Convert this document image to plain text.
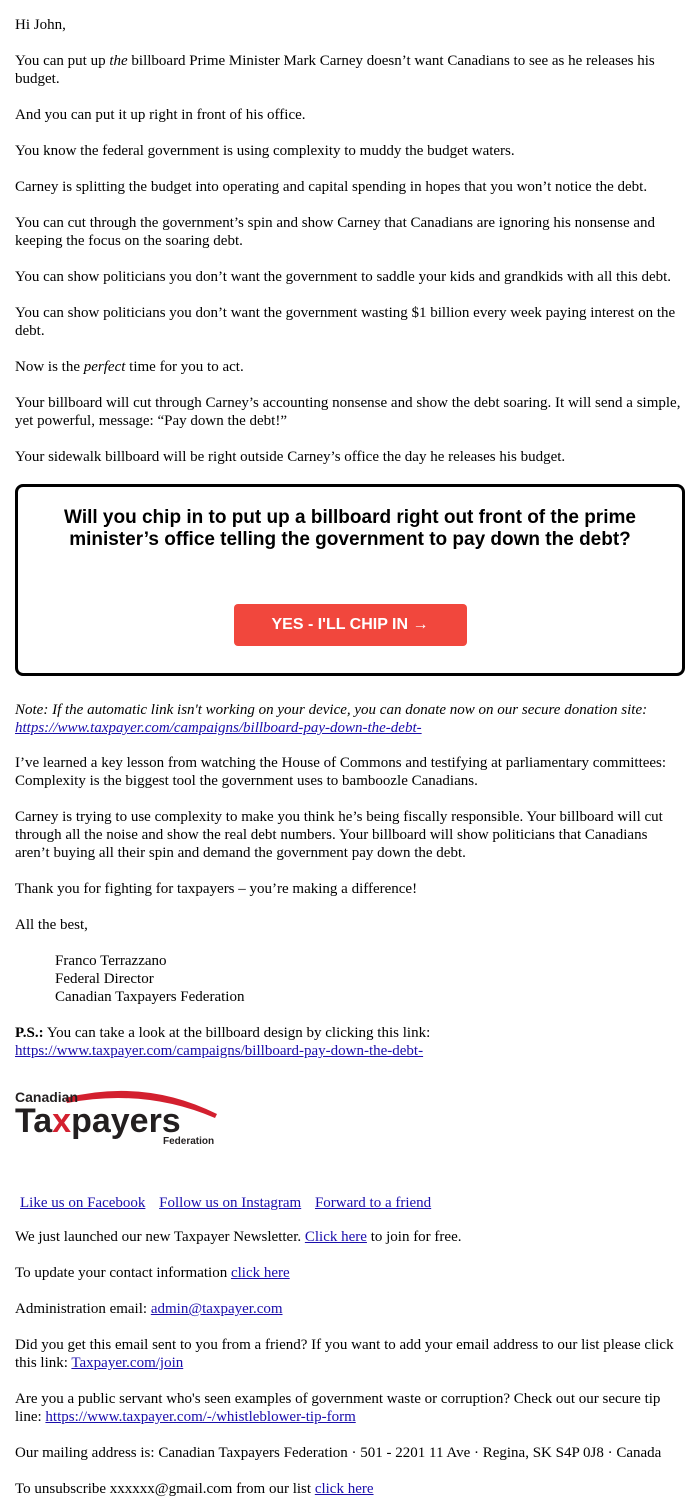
Hi John,

You can put up the billboard Prime Minister Mark Carney doesn’t want Canadians to see as he releases his budget.

And you can put it up right in front of his office.

You know the federal government is using complexity to muddy the budget waters.

Carney is splitting the budget into operating and capital spending in hopes that you won’t notice the debt.

You can cut through the government’s spin and show Carney that Canadians are ignoring his nonsense and keeping the focus on the soaring debt.

You can show politicians you don’t want the government to saddle your kids and grandkids with all this debt.

You can show politicians you don’t want the government wasting $1 billion every week paying interest on the debt.

Now is the perfect time for you to act.

Your billboard will cut through Carney’s accounting nonsense and show the debt soaring. It will send a simple, yet powerful, message: “Pay down the debt!”

Your sidewalk billboard will be right outside Carney’s office the day he releases his budget.

Will you chip in to put up a billboard right out front of the prime minister’s office telling the government to pay down the debt?
YES - I'LL CHIP IN →

Note: If the automatic link isn't working on your device, you can donate now on our secure donation site: https://www.taxpayer.com/campaigns/billboard-pay-down-the-debt-

I’ve learned a key lesson from watching the House of Commons and testifying at parliamentary committees: Complexity is the biggest tool the government uses to bamboozle Canadians.

Carney is trying to use complexity to make you think he’s being fiscally responsible. Your billboard will cut through all the noise and show the real debt numbers. Your billboard will show politicians that Canadians aren’t buying all their spin and demand the government pay down the debt.

Thank you for fighting for taxpayers – you’re making a difference!

All the best,

Franco Terrazzano
Federal Director
Canadian Taxpayers Federation

P.S.: You can take a look at the billboard design by clicking this link: https://www.taxpayer.com/campaigns/billboard-pay-down-the-debt-

Canadian
Taxpayers
Federation
Like us on Facebook Follow us on Instagram Forward to a friend

We just launched our new Taxpayer Newsletter. Click here to join for free.

To update your contact information click here

Administration email: admin@taxpayer.com

Did you get this email sent to you from a friend? If you want to add your email address to our list please click this link: Taxpayer.com/join

Are you a public servant who's seen examples of government waste or corruption? Check out our secure tip line: https://www.taxpayer.com/-/whistleblower-tip-form

Our mailing address is: Canadian Taxpayers Federation · 501 - 2201 11 Ave · Regina, SK S4P 0J8 · Canada

To unsubscribe xxxxxx@gmail.com from our list click here
